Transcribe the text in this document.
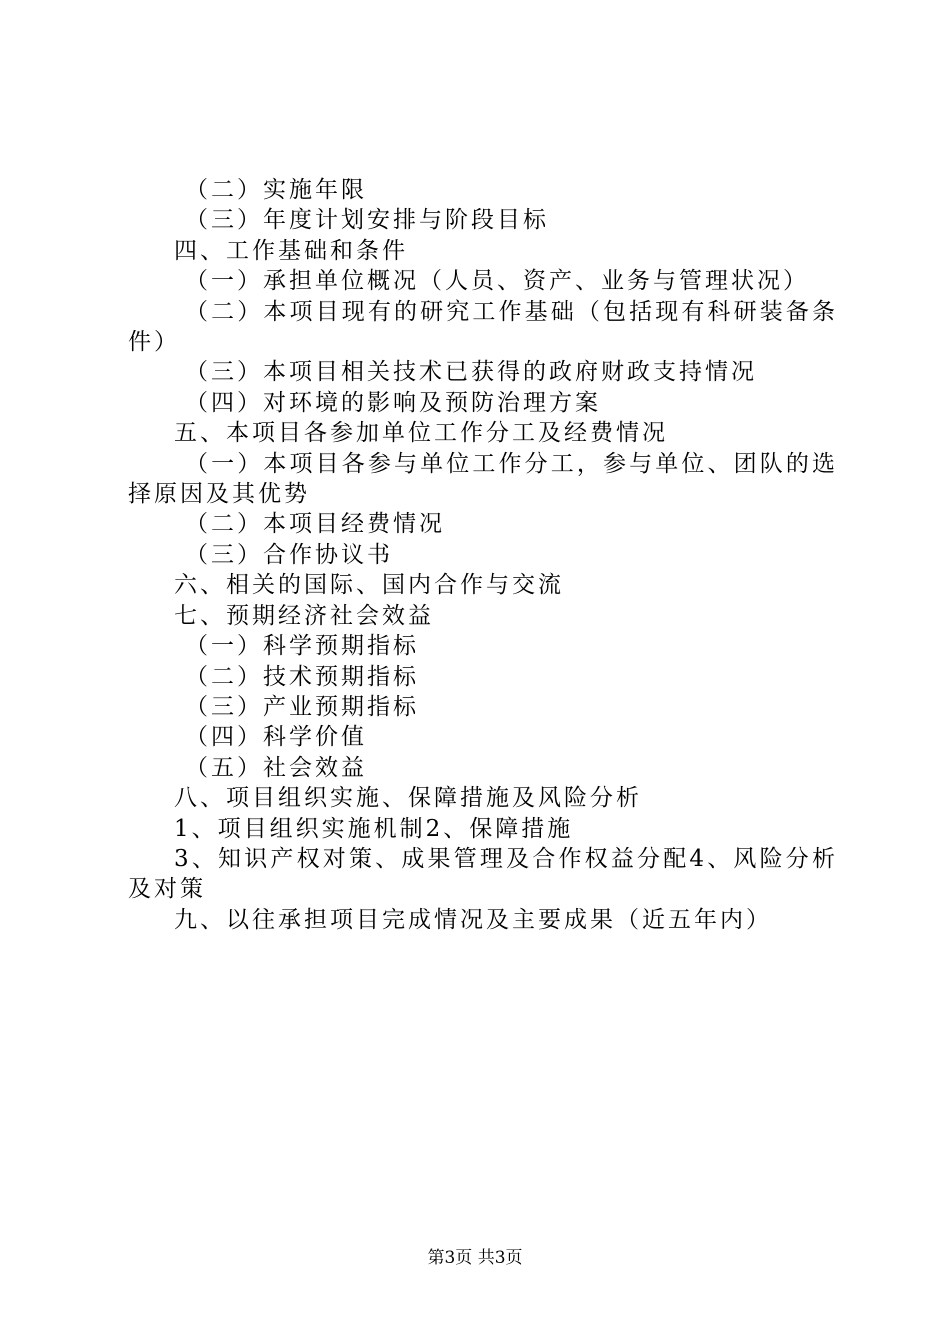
（二）实施年限
（三）年度计划安排与阶段目标
四、工作基础和条件
（一）承担单位概况（人员、资产、业务与管理状况）
（二）本项目现有的研究工作基础（包括现有科研装备条件）
（三）本项目相关技术已获得的政府财政支持情况
（四）对环境的影响及预防治理方案
五、本项目各参加单位工作分工及经费情况
（一）本项目各参与单位工作分工，参与单位、团队的选择原因及其优势
（二）本项目经费情况
（三）合作协议书
六、相关的国际、国内合作与交流
七、预期经济社会效益
（一）科学预期指标
（二）技术预期指标
（三）产业预期指标
（四）科学价值
（五）社会效益
八、项目组织实施、保障措施及风险分析
1、项目组织实施机制2、保障措施
3、知识产权对策、成果管理及合作权益分配4、风险分析及对策
九、以往承担项目完成情况及主要成果（近五年内）
第3页 共3页
